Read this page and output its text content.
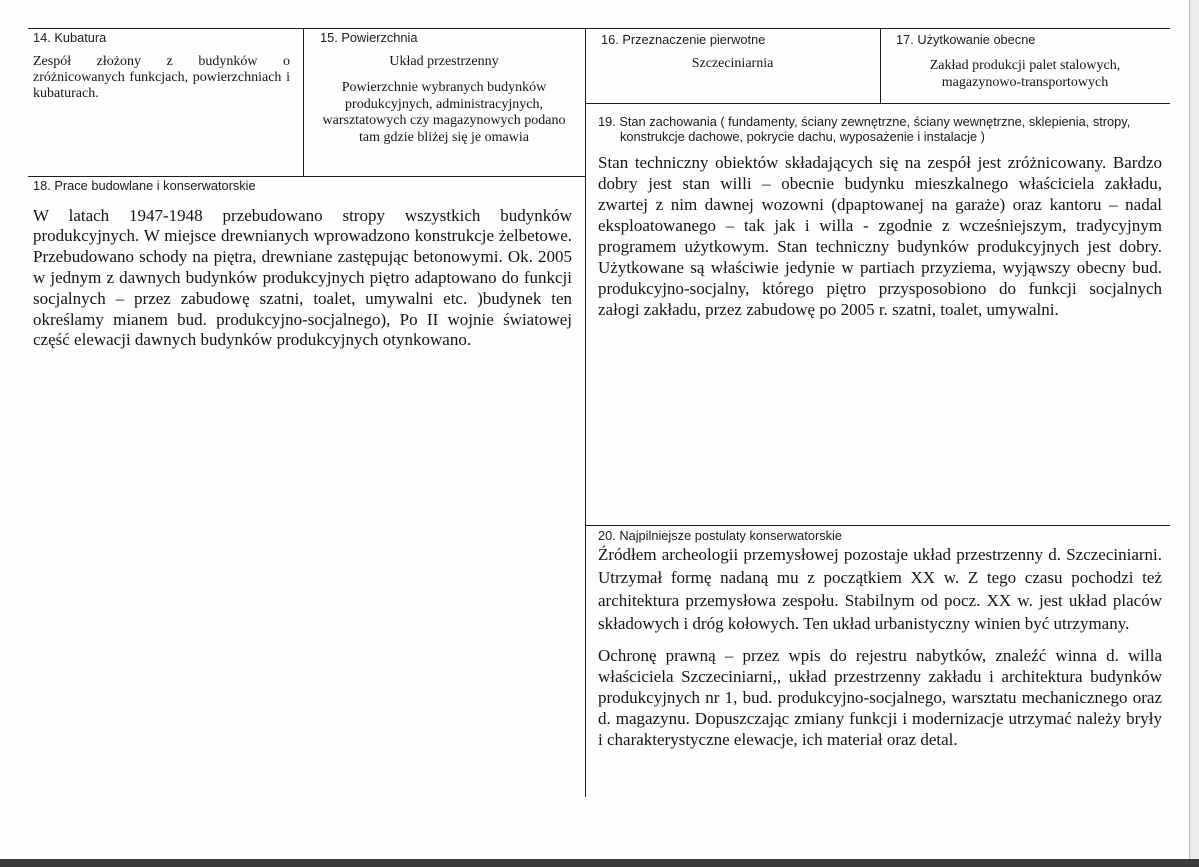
14. Kubatura
Zespół złożony z budynków o
zróżnicowanych funkcjach, powierzchniach i
kubaturach.
15. Powierzchnia
Układ przestrzenny
Powierzchnie wybranych budynków
produkcyjnych, administracyjnych,
warsztatowych czy magazynowych podano
tam gdzie bliżej się je omawia
16. Przeznaczenie pierwotne
Szczeciniarnia
17. Użytkowanie obecne
Zakład produkcji palet stalowych,
magazynowo-transportowych
18. Prace budowlane i konserwatorskie
W latach 1947-1948 przebudowano stropy wszystkich budynków
produkcyjnych. W miejsce drewnianych wprowadzono konstrukcje żelbetowe.
Przebudowano schody na piętra, drewniane zastępując betonowymi. Ok. 2005
w jednym z dawnych budynków produkcyjnych piętro adaptowano do funkcji
socjalnych – przez zabudowę szatni, toalet, umywalni etc. )budynek ten
określamy mianem bud. produkcyjno-socjalnego), Po II wojnie światowej
część elewacji dawnych budynków produkcyjnych otynkowano.
19. Stan zachowania ( fundamenty, ściany zewnętrzne, ściany wewnętrzne, sklepienia, stropy,
konstrukcje dachowe, pokrycie dachu, wyposażenie i instalacje )
Stan techniczny obiektów składających się na zespół jest zróżnicowany. Bardzo
dobry jest stan willi – obecnie budynku mieszkalnego właściciela zakładu,
zwartej z nim dawnej wozowni (dpaptowanej na garaże) oraz kantoru – nadal
eksploatowanego – tak jak i willa - zgodnie z wcześniejszym, tradycyjnym
programem użytkowym. Stan techniczny budynków produkcyjnych jest dobry.
Użytkowane są właściwie jedynie w partiach przyziema, wyjąwszy obecny bud.
produkcyjno-socjalny, którego piętro przysposobiono do funkcji socjalnych
załogi zakładu, przez zabudowę po 2005 r. szatni, toalet, umywalni.
20. Najpilniejsze postulaty konserwatorskie
Źródłem archeologii przemysłowej pozostaje układ przestrzenny d. Szczeciniarni.
Utrzymał formę nadaną mu z początkiem XX w. Z tego czasu pochodzi też
architektura przemysłowa zespołu. Stabilnym od pocz. XX w. jest układ placów
składowych i dróg kołowych. Ten układ urbanistyczny winien być utrzymany.
Ochronę prawną – przez wpis do rejestru nabytków, znaleźć winna d. willa
właściciela Szczeciniarni,, układ przestrzenny zakładu i architektura budynków
produkcyjnych nr 1, bud. produkcyjno-socjalnego, warsztatu mechanicznego oraz
d. magazynu. Dopuszczając zmiany funkcji i modernizacje utrzymać należy bryły
i charakterystyczne elewacje, ich materiał oraz detal.
